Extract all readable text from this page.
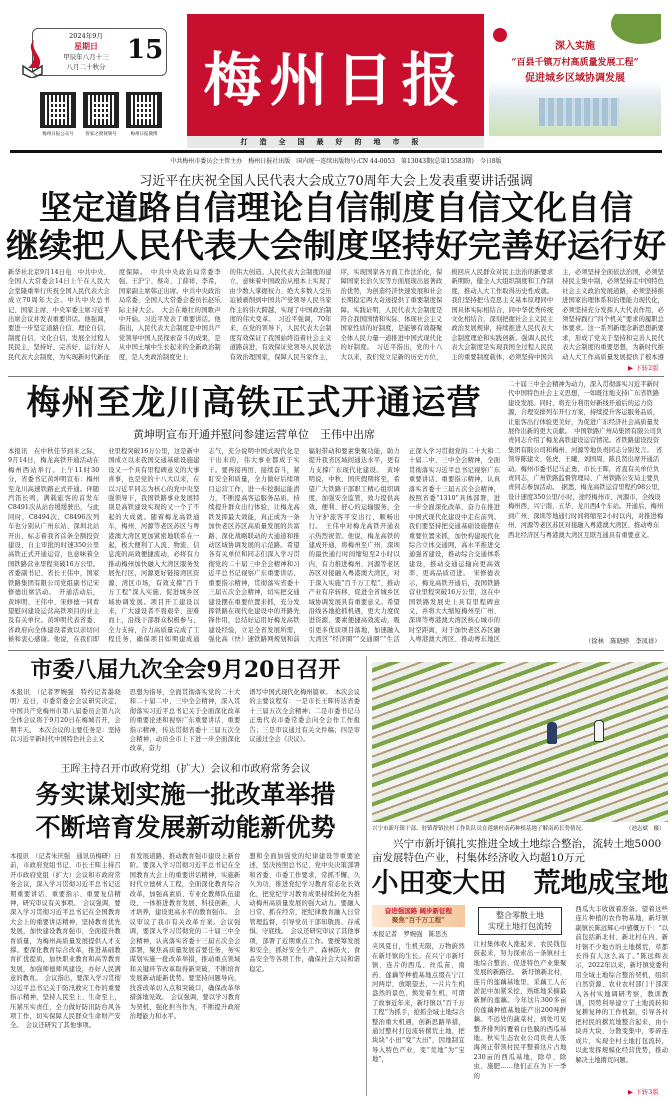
2024年9月
星期日
甲辰年八月十三
八月二十秋分
15
梅州日报公众号	客家之窗视频号	梅州日报微博
梅州日报
打造全国最好的地市报
深入实施
“百县千镇万村高质量发展工程”
促进城乡区域协调发展
中共梅州市委员会主管主办　梅州日报社出版　国内统一连续出版物号:CN 44-0053　第13043期(总第15583期)　今日8版
习近平在庆祝全国人民代表大会成立70周年大会上发表重要讲话强调
坚定道路自信理论自信制度自信文化自信
继续把人民代表大会制度坚持好完善好运行好
新华社北京9月14日电　中共中央、全国人大常委会14日上午在人民大会堂隆重举行庆祝全国人民代表大会成立70周年大会。中共中央总书记、国家主席、中央军委主席习近平出席会议并发表重要讲话。他强调，要进一步坚定道路自信、理论自信、制度自信、文化自信，发展全过程人民民主，坚持好、完善好、运行好人民代表大会制度，为实现新时代新征
度保障。　中共中央政治局常委李强、王沪宁、蔡奇、丁薛祥、李希，国家副主席韩正出席。中共中央政治局常委、全国人大常委会委员长赵乐际主持大会。　大会在雄壮的国歌声中开始。习近平发表了重要讲话。他指出，人民代表大会制度是中国共产党领导中国人民探索奋斗的成果，是从中国土壤中生长起来的全新政治制度，是人类政治制度史上
的伟大创造。人民代表大会制度的建立，意味着中国政治从根本上实现了由少数人掌握权力、绝大多数人受压迫被剥削到中国共产党领导人民当家作主的伟大跨越，实现了中国政治制度的伟大变革。　习近平强调，70年来，在党的领导下，人民代表大会制度有效保证了我国始终沿着社会主义道路前进，有效保证党领导人民依法有效治理国家，保障人民当家作主，
序，实现国家各方面工作法治化，保障国家长治久安等方面展现出显著政治优势，为创造经济快速发展和社会长期稳定两大奇迹提供了重要制度保障。实践证明，人民代表大会制度是符合我国国情和实际、体现社会主义国家性质的好制度，是能够有效凝聚全体人民力量一道推进中国式现代化的好制度。　习近平指出，党的十八大以来，我们党立足新的历史方位，
极回应人民群众对民主法治的新要求新期盼，健全人大组织制度和工作制度，推动人大工作取得历史性成就。我们坚持把马克思主义基本原理同中国具体实际相结合、同中华优秀传统文化相结合，深刻把握社会主义民主政治发展规律，持续推进人民代表大会制度理论和实践创新。强调人民代表大会制度是实现我国全过程人民民主的重要制度载体，必须坚持中国共
主，必须坚持全面依法治国，必须坚持民主集中制，必须坚持走中国特色社会主义政治发展道路，必须坚持推进国家治理体系和治理能力现代化，必须坚持充分发挥人大代表作用，必须坚持践行“四个机关”要求的履职总体要求。这一系列新理念新思想新要求，形成了党关于坚持和完善人民代表大会制度的重要思想，为新时代推动人大工作高质量发展提供了根本遵
▶ 下转2版
梅州至龙川高铁正式开通运营
黄坤明宣布开通并慰问参建运营单位　王伟中出席
本报讯　在中秋佳节到来之际，9月14日，梅龙高铁开通活动在梅州西站举行。上午11时30分，省委书记黄坤明宣布：梅州至龙川高速铁路正式开通。伴随汽笛长鸣，满载旅客的首发车C8491次从站台缓缓驶出，与此同时，C8494次、C8496次列车也分别从广州东站、深圳北站开出，标志着我省首条全额投资建设、自主审批的时速350公里高铁正式开通运营，也意味着全国铁路营业里程突破16万公里。省委副书记、省长王伟中，国家铁路集团有限公司党组副书记宋修德出席活动。　开通活动后，黄坤明、王伟中、宋修德一同看望慰问建设运营高铁项目的业主及有关单位。黄坤明代表省委、省政府向全体建设者致以亲切问候和衷心感谢。他说，在我们即
业里程突破16万公里，这是新中国成立以来我国交通基础设施建设又一个具有里程碑意义的大事喜事，也是党的十八大以来，在以习近平同志为核心的党中央坚强领导下，我国铁路事业发展特别是高铁建设实现的又一个了不起的大成就。随着梅龙高铁通车，梅州、河源等老区苏区与粤港澳大湾区更加紧密地联系在一起，极大便利了人流、物流、信息流的高效便捷流动，必将有力推动梅州加快融入大湾区服务发展先行区，河源更好链接湾区资源、湾区市场，有效支撑“百千万工程”深入实施、促进城乡区域协调发展。项目开工建设以来，广大建设者不畏艰辛、迎难而上，沿线干部群众积极参与、全力支持，合力高质量完成了工程任务，确保项目如期建成通
志气，充分说明中国式现代化是干出来的，伟大事业都成于实干。要再接再厉、接续奋斗，紧盯安全和质量，全力做好后续项目运营工作，进一步挖掘运能潜力，不断提高客运服务品质，持续提升群众出行体验，让梅龙高铁发挥最大效能，真正成为一条加快老区苏区高质量发展的共富路、深化战略联动的大通道和推动区域协调发展的示范路。希望各有关单位和同志们深入学习贯彻党的二十届三中全会精神和习近平总书记视察广东重要讲话、重要指示精神，贯彻落实省委十三届五次全会精神，切实把交通建设摆在重要位置来抓，充分发挥铁路在现代化建设中的开路先锋作用，总结好运用好梅龙高铁建设经验，立足全省发展所需，强化高（快）速铁路网规划和前
辐射带动和要素集聚功能，助力提升我省区域间通达水平，更有力支撑广东现代化建设。　黄坤明说，中秋、国庆假期将至，希望广大铁路干部职工精心组织调度，加强安全监管，致力提供高效、便利、舒心的运输服务，全力守护旅客平安出行、顺畅出行。　王伟中对梅龙高铁开通表示热烈祝贺。他说，梅龙高铁的建成开通，将梅州至广州、深圳的最快通行时间缩短至2小时以内，有力推进梅州、河源等老区苏区对接融入粤港澳大湾区，对于深入实施“百千万工程”、推动产业有序转移、促进全省城乡区域协调发展具有重要意义。希望沿线各地抢抓机遇，更大力度促进资源、要素便捷高效流动，吸引更多优质项目落地，加速融入大湾区“经济圈”“交通圈”“生活
正深入学习贯彻党的二十大和二十届二中、三中全会精神，全面贯彻落实习近平总书记视察广东重要讲话、重要指示精神，认真落实省委十三届五次全会精神，按照省委“1310”具体部署，进一步全面深化改革，奋力在推进中国式现代化建设中走在前列。我们要坚持把交通基础设施摆在重要位置来抓，加快构建现代化综合立体交通网，高水平推进交通强省建设，推动综合交通体系建设，推动交通运输向更高效率、更高品质迈进。　宋修德表示，梅龙高铁开通后，我国铁路营业里程突破16万公里，这在中国铁路发展史上具有里程碑意义，并将大大缩短梅州至广州、深圳等粤港澳大湾区核心城市的时空距离，对于加快老区苏区融入粤港澳大湾区、推动粤东地区
二十届三中全会精神为动力，深入贯彻落实习近平新时代中国特色社会主义思想，一如既往地支持广东省铁路建设发展。同时，将充分利用好新线开通后的运力资源，合理安排列车开行方案，持续提升客运服务品质，让旅客出行体验更美好，为促进广东经济社会高质量发展作出新的更大贡献。　中国铁路广州局集团有限公司负责同志介绍了梅龙高铁建设运营情况。省铁路建设投资集团有限公司和梅州、河源等地负责同志分别发言。　省领导陈建文、张虎、王曦、刘国周、陈良贤出席开通活动。梅州市委书记马正勇、市长王晖，省直有关单位负责同志，广州铁路监督管理局、广州铁路公安局主要负责同志参加活动。　据悉，梅龙高铁运营里程约98公里，设计速度350公里/小时，途经梅州市、河源市，全线设梅州西、兴宁南、五华、龙川西4个车站。开通后，梅州到广州、深圳等地通行时间将缩至2小时以内，对推进梅州、河源等老区苏区对接融入粤港澳大湾区、推动粤东西北经济区与粤港澳大湾区互联互通具有重要意义。
（徐林　陈晓婷　李凤祥）
市委八届九次全会9月20日召开
本报讯　（记者罗婉强　特约记者墨晓明）近日，市委常委会会议研究决定，中国共产党梅州市第八届委员会第九次全体会议将于9月20日在梅城召开，会期半天。　本次会议的主要任务是：坚持以习近平新时代中国特色社会主义
思想为指导，全面贯彻落实党的二十大和二十届二中、三中全会精神，深入贯彻落实习近平总书记关于全面深化改革的重要论述和视察广东重要讲话、重要指示精神，传达贯彻省委十三届五次全会精神，动员全市上下进一步全面深化改革，奋力
谱写中国式现代化梅州篇章。　本次会议的主要议程有：一是市长王晖传达省委十三届五次全会精神；二是市委书记马正勇代表市委常委会向全会作工作报告；三是审议通过有关文件稿；四是审议通过全会《决议》。
王晖主持召开市政府党组（扩大）会议和市政府常务会议
务实谋划实施一批改革举措
不断培育发展新动能新优势
本报讯　（记者朱庆强　通讯员梅研）日前，市政府党组书记、市长王晖主持召开市政府党组（扩大）会议和市政府常务会议，深入学习贯彻习近平总书记近期重要讲话、重要指示、重要复信精神，研究审议有关事项。　会议强调，要深入学习贯彻习近平总书记在全国教育大会上的重要讲话精神，坚持教育优先发展，加快建设教育强市，全面提升教育质量，为梅州高质量发展提供人才支撑。要深化教育综合改革，推进基础教育扩优提质，加快职业教育和高等教育发展，加强师德师风建设，办好人民满意的教育。　会议指出，要深入学习贯彻习近平总书记关于防汛救灾工作的重要指示精神，坚持人民至上、生命至上，压紧压实责任，全力做好防汛防台风各项工作，切实保障人民群众生命财产安全。　会议还研究了其他事项。
育发展道路，推动教育强市建设上新台阶。要深入学习贯彻习近平总书记在全国教育大会上的重要讲话精神，实施新时代立德树人工程，全面深化教育综合改革，加强高素质、专业化教师队伍建设，一体推进教育发展、科技创新、人才培养，建设更高水平的教育强市。　会议审议了我市有关改革方案。会议强调，要深入学习贯彻党的二十届三中全会精神，认真落实省委十三届五次全会部署，聚焦高质量发展首要任务，务实谋划实施一批改革举措，推动重点领域和关键环节改革取得新突破，不断培育发展新动能新优势。要坚持问题导向，找准改革切入点和突破口，确保改革举措落地见效。　会议强调，要以学习教育为契机，强化担当作为，不断提升政府治理能力和水平。
想和全面加强党的纪律建设等重要论述，坚决按照总书记、党中央决策部署和省委、市委工作要求，常抓不懈、久久为功，推进党纪学习教育常态化长效化，把党纪学习教育成果持续转化为推动梅州高质量发展的强大动力。要融入日常、抓在经常，把纪律教育融入日常管理监督，引导党员干部知敬畏、存戒惧、守底线。　会议还研究审议了其他事项，部署了近期重点工作。要统筹发展和安全，抓好安全生产、森林防火、食品安全等各项工作，确保社会大局和谐稳定。
兴宁市新圩镇干部、驻镇帮镇扶村工作队队员在莲塘村南药种植基地了解南药长势情况。	（池志斌　摄）
兴宁市新圩镇扎实推进全域土地综合整治，流转土地5000亩发展特色产业，村集体经济收入均超10万元
小田变大田　荒地成宝地
奋进强国路 阔步新征程
聚焦“百千万工程”
本报记者　罗婉强　陈思杰
夹风夏日，生机无限，万物蔚然在新圩镇的生长。在兴宁市新圩镇，连片的西瓜、丝瓜苗、南药、莲藕等种植基地点缀在宁江河两岸，放眼望去，一片片生机盎然的景色，焕发着生机，可谓了故事近年来，新圩镇以“百千万工程”为抓手，抢抓全域土地综合整治重大机遇，创新思路举措，通过整村打包流转撂荒土地，把块块“小田”变“大田”，因地制宜导入特色产业，变“荒地”为“宝地”，
整合零散土地
实现土地打包流转
让村集体收入涨起来、农民钱包鼓起来，努力探索出一条镇村土地综合整治、促进特色产业集聚发展的新路径。　新圩镇新北村，连片的莲藕基地里，采藕工人在淤泥中加紧采挖，熟练地采摘最新鲜的莲藕。今年这片300多亩的莲藕种植基地能产出200吨鲜藕。不远处的蔬菜村，到处可见整齐排列的覆着白色膜的西瓜基地。秋实生态农业公司负责人张海剑正带领村民平整着这片占地230亩的西瓜基地，除草、除虫、施肥……他们正在为下一季的
西瓜大丰收做着准备。望着这些连片种植的农作物基地，新圩镇副镇长陈远辉心中感慨万千：“以前包括新北村、新北村在内，新圩镇不少地方的土地撂荒，草都长得有人这么高了。”陈远辉表示，2022年以来，新圩镇党委利用全域土地综合整治契机，组织自然资源、农业农村部门干部深入各村实地调研考察，教训教训，因势利导建立了土地流转和复耕复种的工作机制，引导各村把村民的撂荒地整合起来，由小块并大块、分散变集中，零碎连成片，实现全村土地打包流转，以此发挥规模化经营优势，推动解决土地撂荒问题。
▶ 下转3版
